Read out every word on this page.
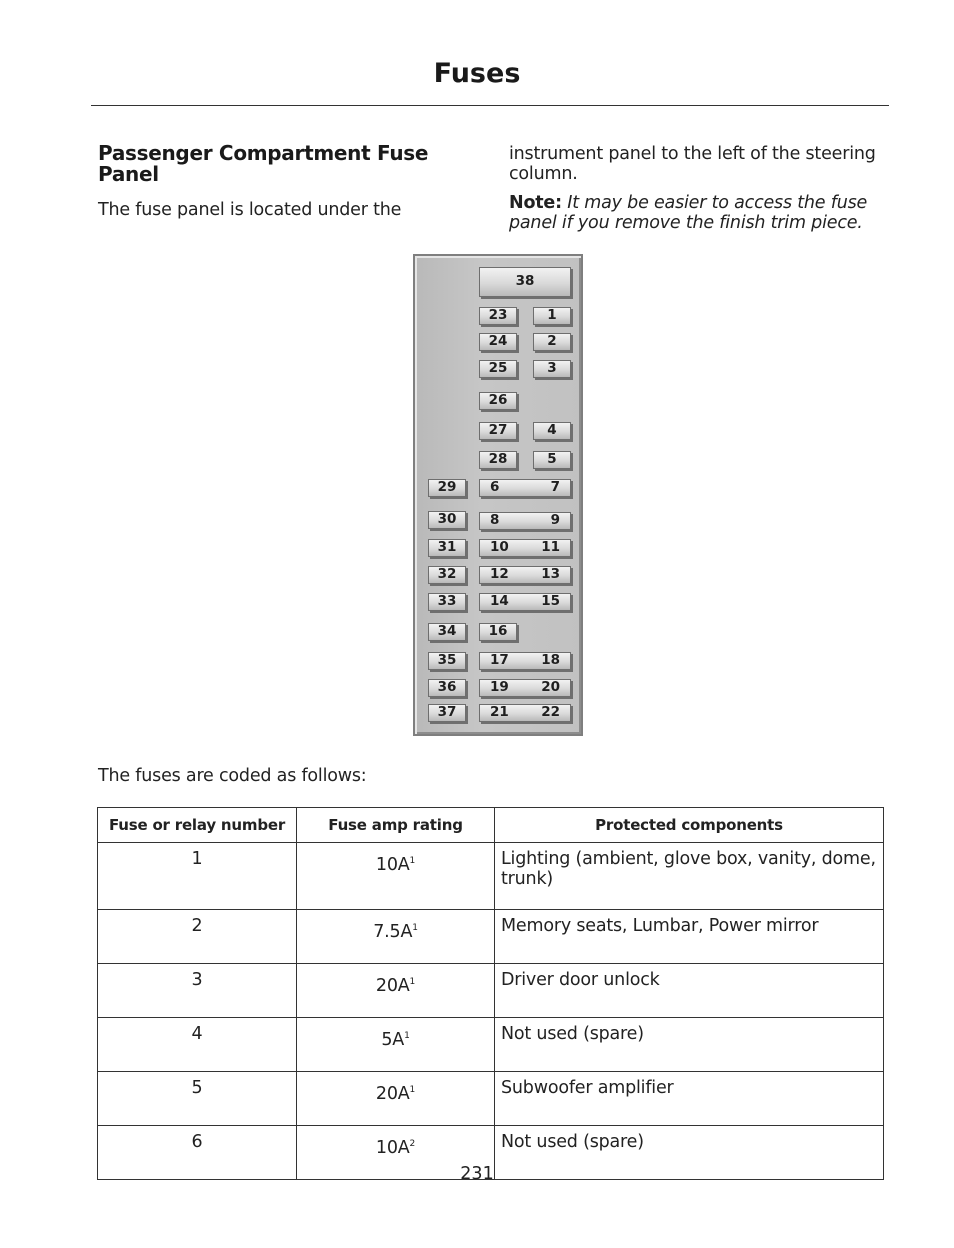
Fuses
Passenger Compartment Fuse Panel

The fuse panel is located under the

instrument panel to the left of the steering column.

Note: It may be easier to access the fuse panel if you remove the finish trim piece.

38
23	1
24	2
25	3
26
27	4
28	5
29 6	7
30 8	9
31 10 11
32 12 13
33 14 15
34 16
35 17 18
36 19 20
37 21 22

The fuses are coded as follows:

Fuse or relay number	Fuse amp rating	Protected components
1	$10A^1$	Lighting (ambient, glove box, vanity, dome, trunk)
2	$7.5A^1$	Memory seats, Lumbar, Power mirror
3	$20A^1$	Driver door unlock
4	$5A^1$	Not used (spare)
5	$20A^1$	Subwoofer amplifier
6	$10A^2$	Not used (spare)
231
